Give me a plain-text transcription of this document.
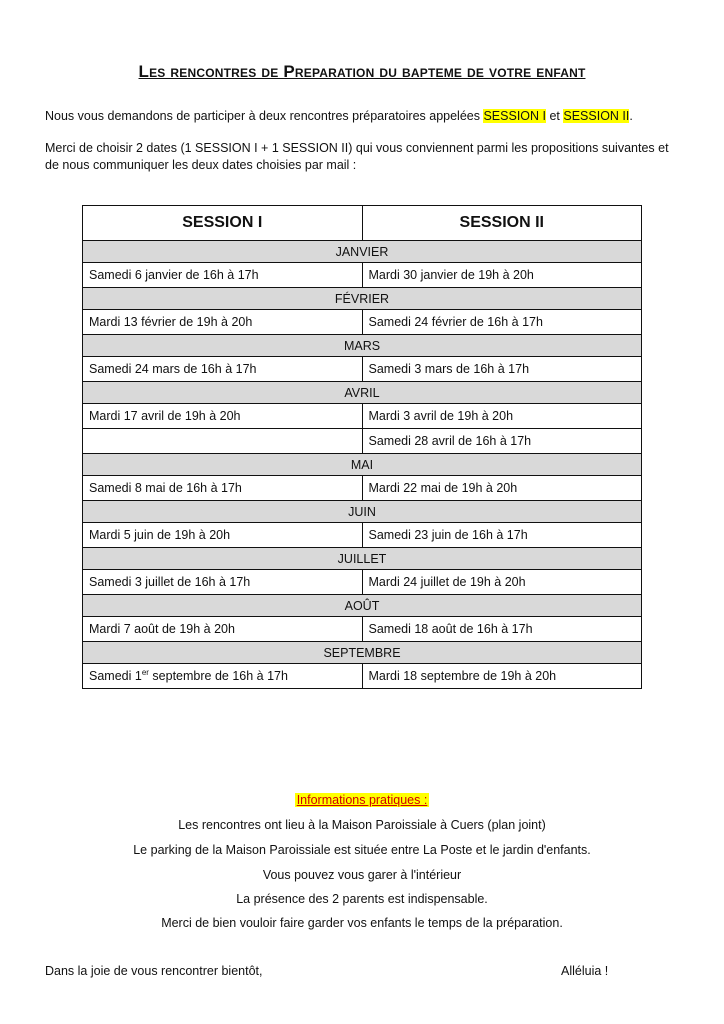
Les rencontres de Preparation du bapteme de votre enfant
Nous vous demandons de participer à deux rencontres préparatoires appelées SESSION I et SESSION II.
Merci de choisir 2 dates (1 SESSION I + 1 SESSION II) qui vous conviennent parmi les propositions suivantes et de nous communiquer les deux dates choisies par mail :
SESSION I	SESSION II
JANVIER	
Samedi 6 janvier de 16h à 17h	Mardi 30 janvier de 19h à 20h
FÉVRIER	
Mardi 13 février de 19h à 20h	Samedi 24 février de 16h à 17h
MARS	
Samedi 24 mars de 16h à 17h	Samedi 3 mars de 16h à 17h
AVRIL	
Mardi 17 avril de 19h à 20h	Mardi 3 avril de 19h à 20h
	Samedi 28 avril de 16h à 17h
MAI	
Samedi 8 mai de 16h à 17h	Mardi 22 mai de 19h à 20h
JUIN	
Mardi 5 juin de 19h à 20h	Samedi 23 juin de 16h à 17h
JUILLET	
Samedi 3 juillet de 16h à 17h	Mardi 24 juillet de 19h à 20h
AOÛT	
Mardi 7 août de 19h à 20h	Samedi 18 août de 16h à 17h
SEPTEMBRE	
Samedi 1er septembre de 16h à 17h	Mardi 18 septembre de 19h à 20h
Informations pratiques :
Les rencontres ont lieu à la Maison Paroissiale à Cuers (plan joint)
Le parking de la Maison Paroissiale est située entre La Poste et le jardin d'enfants.
Vous pouvez vous garer à l'intérieur
La présence des 2 parents est indispensable.
Merci de bien vouloir faire garder vos enfants le temps de la préparation.
Dans la joie de vous rencontrer bientôt,	Alléluia !
